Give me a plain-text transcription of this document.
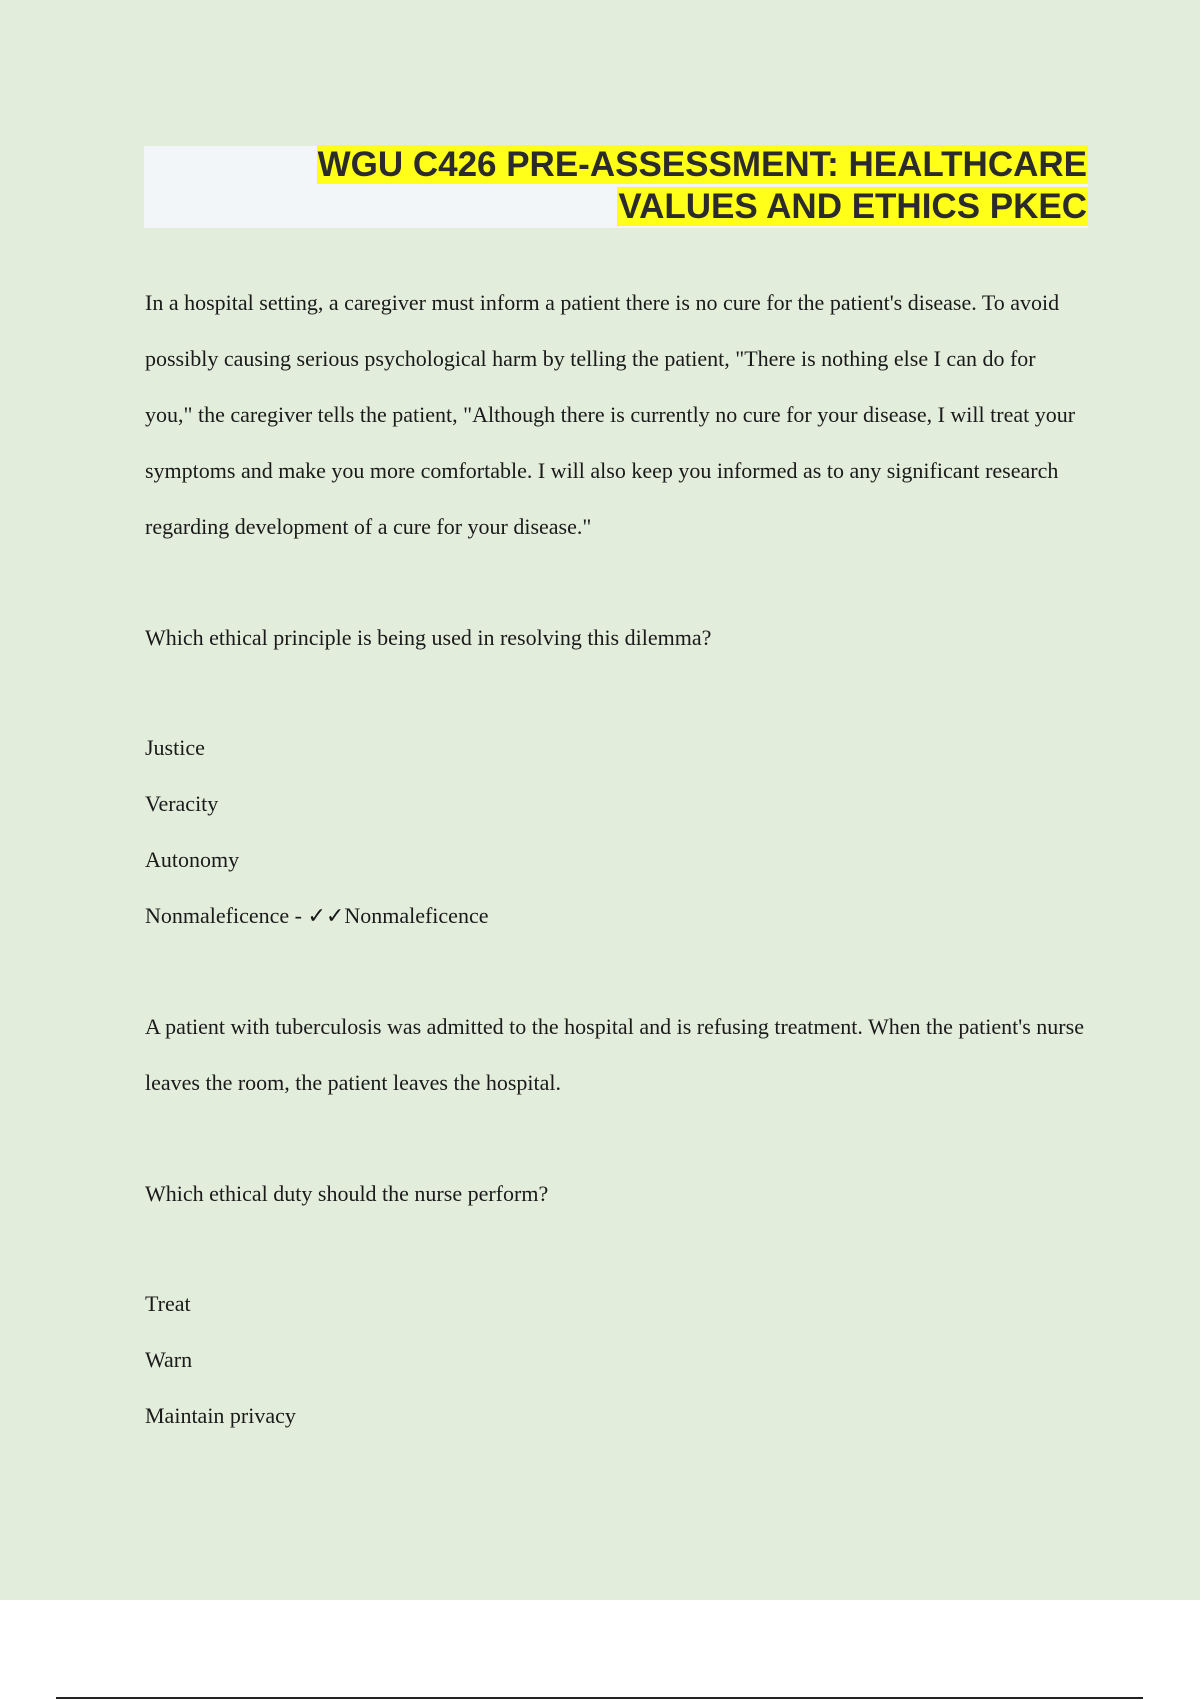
WGU C426 PRE-ASSESSMENT: HEALTHCARE
VALUES AND ETHICS PKEC

In a hospital setting, a caregiver must inform a patient there is no cure for the patient's disease. To avoid possibly causing serious psychological harm by telling the patient, "There is nothing else I can do for you," the caregiver tells the patient, "Although there is currently no cure for your disease, I will treat your symptoms and make you more comfortable. I will also keep you informed as to any significant research regarding development of a cure for your disease."

Which ethical principle is being used in resolving this dilemma?

Justice
Veracity
Autonomy
Nonmaleficence - ✓✓Nonmaleficence

A patient with tuberculosis was admitted to the hospital and is refusing treatment. When the patient's nurse leaves the room, the patient leaves the hospital.

Which ethical duty should the nurse perform?

Treat
Warn
Maintain privacy
